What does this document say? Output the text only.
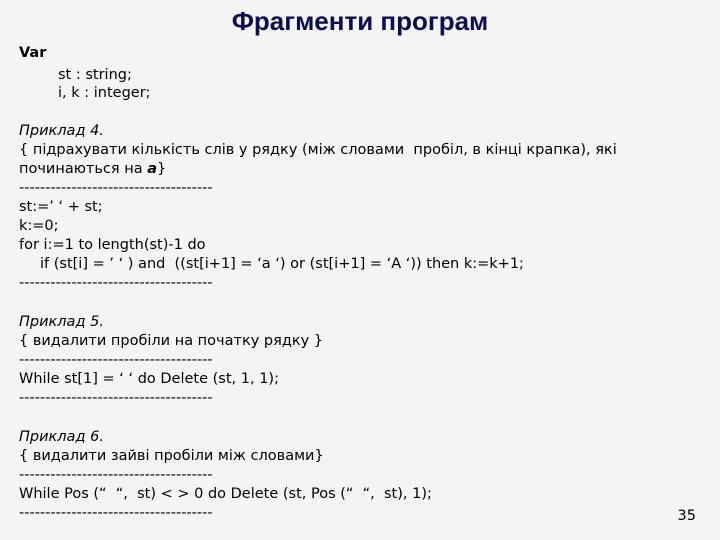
Фрагменти програм
Var
st : string;
i, k : integer;
Приклад 4.
{ підрахувати кількість слів у рядку (між словами  пробіл, в кінці крапка), які
починаються на а}
-------------------------------------
st:=’ ‘ + st;
k:=0;
for i:=1 to length(st)-1 do
if (st[i] = ’ ‘ ) and  ((st[i+1] = ‘a ‘) or (st[i+1] = ‘A ‘)) then k:=k+1;
-------------------------------------
Приклад 5.
{ видалити пробіли на початку рядку }
-------------------------------------
While st[1] = ‘ ‘ do Delete (st, 1, 1);
-------------------------------------
Приклад 6.
{ видалити зайві пробіли між словами}
-------------------------------------
While Pos (“  “,  st) < > 0 do Delete (st, Pos (“  “,  st), 1);
-------------------------------------	35
